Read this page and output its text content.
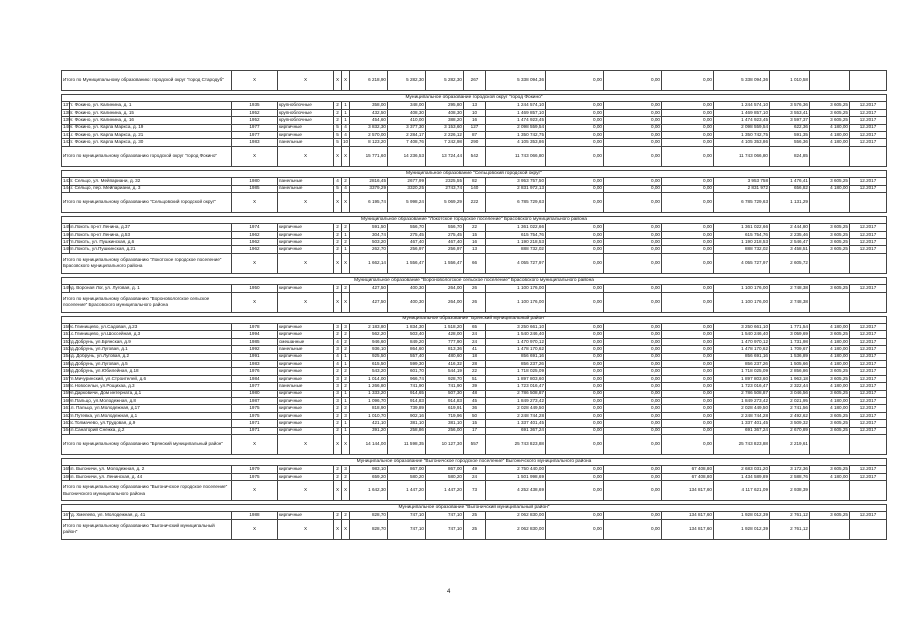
Итого по Муниципальному образованию: городской округ "город Стародуб"		X	X	X	X	6 218,90	5 282,30	5 282,30	267	5 338 094,36	0,00	0,00	0,00	5 338 094,36	1 010,58		

Муниципальное образование городской округ "город Фокино"																	
137	г. Фокино, ул. Калинина, д. 1	1935	крупноблочные	2	1	358,00	348,00	295,80	13	1 244 574,10	0,00	0,00	0,00	1 244 574,10	3 576,36	3 605,25	12.2017
138	г. Фокино, ул. Калинина, д. 15	1952	крупноблочные	2	1	432,50	408,30	408,30	10	1 469 857,10	0,00	0,00	0,00	1 469 857,10	3 553,41	3 605,25	12.2017
139	г. Фокино, ул. Калинина, д. 16	1952	крупноблочные	2	1	454,60	410,00	388,20	16	1 474 923,45	0,00	0,00	0,00	1 474 923,45	3 597,37	3 605,25	12.2017
140	г. Фокино, ул. Карла Маркса, д. 19	1977	кирпичные	5	4	3 832,30	3 377,30	3 153,60	127	2 098 559,54	0,00	0,00	0,00	2 098 559,54	622,36	4 180,00	12.2017
141	г. Фокино, ул. Карла Маркса, д. 21	1977	кирпичные	5	4	2 570,00	2 284,17	2 226,12	87	1 350 742,75	0,00	0,00	0,00	1 350 742,75	591,35	4 180,00	12.2017
142	г. Фокино, ул. Карла Маркса, д. 30	1983	панельные	5	10	8 123,20	7 408,76	7 242,98	290	4 105 353,86	0,00	0,00	0,00	4 105 353,86	556,36	4 180,00	12.2017
Итого по муниципальному образованию городской округ "город Фокино"		X	X	X	X	15 771,60	14 236,53	13 724,44	542	11 743 066,80	0,00	0,00	0,00	11 743 066,80	824,85		

Муниципальное образование "Сельцовский городской округ"																	
143	г. Сельцо, ул. Мейпариани, д. 32	1980	панельные	4	2	2816,45	2677,99	2325,55	82	3 953 757,50	0,00	0,00	0,00	3 953 758	1 476,41	3 605,25	12.2017
144	г. Сельцо, пер. Мейпариани, д. 3	1985	панельные	5	4	3379,29	3320,25	2743,74	140	2 831 972,13	0,00	0,00	0,00	2 831 972	656,82	4 180,00	12.2017
Итого по муниципальному образованию "Сельцовский городской округ"		X	X	X	X	6 195,74	5 998,24	5 069,29	222	6 785 729,63	0,00	0,00	0,00	6 785 729,63	1 131,29		

Муниципальное образование "Локотское городское поселение" Брасовского муниципального района																	
145	п.Локоть пр-кт Ленина, д.37	1974	кирпичные	2	2	591,50	556,70	556,70	22	1 361 022,66	0,00	0,00	0,00	1 361 022,66	2 444,80	3 605,25	12.2017
146	п.Локоть пр-кт Ленина, д.53	1962	кирпичные	2	1	304,74	275,45	275,45	15	615 754,76	0,00	0,00	0,00	615 754,76	2 235,46	3 605,25	12.2017
147	п.Локоть, ул. Пушкинская, д.6	1962	кирпичные	2	2	503,20	467,40	467,40	16	1 190 218,53	0,00	0,00	0,00	1 190 218,53	2 546,47	3 605,25	12.2017
148	п.Локоть, ул.Пушкинская, д.21	1962	кирпичные	2	1	262,70	256,97	256,97	13	888 732,02	0,00	0,00	0,00	888 732,02	3 458,51	3 605,25	12.2017
Итого по муниципальному образованию "Локотское городское поселение" Брасовского муниципального района		X	X	X	X	1 662,14	1 556,47	1 556,47	66	4 055 727,97	0,00	0,00	0,00	4 055 727,97	2 605,72		

Муниципальное образование "Вороновологское сельское поселение" Брасовского муниципального района																	
149	д. Вороная Лог, ул. Луговая, д. 1	1950	кирпичные	2	2	427,50	400,30	264,00	26	1 100 176,00	0,00	0,00	0,00	1 100 176,00	2 748,38	3 605,25	12.2017
Итого по муниципальному образованию "Вороновологское сельское поселение" Брасовского муниципального района		X	X	X	X	427,50	400,30	264,00	26	1 100 176,00	0,00	0,00	0,00	1 100 176,00	2 748,38		

Муниципальное образование "Брянский муниципальный район"																	
150	с.Глинищево, ул.Садовая, д.23	1978	кирпичные	3	3	2 183,80	1 834,30	1 518,20	65	3 250 661,10	0,00	0,00	0,00	3 250 661,10	1 771,54	4 180,00	12.2017
151	с.Глинищево, ул.Шоссейная, д.3	1994	кирпичные	2	2	562,20	503,40	428,00	24	1 540 246,40	0,00	0,00	0,00	1 540 246,40	3 059,69	3 605,25	12.2017
152	д.Добрунь, ул.Брянская, д.9	1985	смешанные	4	2	946,60	849,20	777,90	24	1 470 970,12	0,00	0,00	0,00	1 470 970,12	1 731,98	4 180,00	12.2017
153	д.Добрунь, ул.Луговая, д.1	1992	панельные	3	2	936,10	864,60	813,36	41	1 478 170,62	0,00	0,00	0,00	1 478 170,62	1 709,67	4 180,00	12.2017
154	д. Добрунь, ул.Луговая, д.2	1991	кирпичные	4	1	925,50	557,40	480,60	18	856 691,16	0,00	0,00	0,00	856 691,16	1 536,89	4 180,00	12.2017
155	д.Добрунь, ул.Луговая, д.5	1983	кирпичные	4	1	615,50	599,30	416,32	28	856 237,26	0,00	0,00	0,00	856 237,26	1 505,66	4 180,00	12.2017
156	д.Добрунь, ул.Юбилейная, д.18	1976	кирпичные	2	2	543,20	601,70	544,19	22	1 718 025,09	0,00	0,00	0,00	1 718 025,09	2 856,86	3 605,25	12.2017
157	п.Мичуринский, ул.Строителей, д.6	1984	кирпичные	3	2	1 014,00	966,74	928,70	51	1 897 803,60	0,00	0,00	0,00	1 897 803,60	1 963,18	3 605,25	12.2017
158	с.Новосельи, ул.Рощихаа, д.3	1977	панельные	3	2	1 266,80	741,90	741,90	39	1 723 016,47	0,00	0,00	0,00	1 723 016,47	2 322,44	4 180,00	12.2017
159	п.Дарковичи, Дом интерната, д.1	1980	кирпичные	3	1	1 333,20	914,65	507,30	48	2 786 508,87	0,00	0,00	0,00	2 786 508,87	3 046,56	3 605,25	12.2017
160	п.Пальцо, ул.Молодежная, д.8	1987	кирпичные	3	1	1 096,70	914,83	914,83	45	1 849 273,42	0,00	0,00	0,00	1 849 273,42	2 021,95	4 180,00	12.2017
161	п. Пальцо, ул.Молодежная, д.17	1975	кирпичные	2	2	818,90	739,89	619,91	36	2 028 449,50	0,00	0,00	0,00	2 028 449,50	2 741,56	4 180,00	12.2017
162	п.Путевка, ул.Молодежная, д.1	1975	кирпичные	2	3	1 010,70	902,16	719,96	50	2 248 744,28	0,00	0,00	0,00	2 248 744,28	2 492,62	3 605,25	12.2017
163	с.Толмачево, ул.Трудовая, д.9	1971	кирпичные	2	1	421,10	381,10	381,10	15	1 337 401,45	0,00	0,00	0,00	1 337 401,45	3 509,32	3 605,25	12.2017
164	п.Санаторий Снежка, д.2	1971	кирпичные	2	1	391,20	258,86	256,00	17	691 367,24	0,00	0,00	0,00	691 367,24	2 670,89	3 605,25	12.2017
Итого по муниципальному образованию "Брянский муниципальный район"		X	X	X	X	14 144,00	11 598,35	10 127,30	557	25 743 823,88	0,00	0,00	0,00	25 743 823,88	2 219,61		

Муниципальное образование "Выгоничское городское поселение" Выгоничского муниципального района																	
165	п. Выгоничи, ул. Молодежная, д. 2	1979	кирпичные	2	3	983,10	867,00	867,00	49	2 750 440,00	0,00	0,00	67 408,80	2 683 031,20	3 172,36	3 605,25	12.2017
166	п. Выгоничи, ул. Ленинская, д. 44	1975	кирпичные	2	2	659,20	580,20	580,20	24	1 501 998,69	0,00	0,00	67 408,80	1 434 589,89	2 588,76	4 180,00	12.2017
Итого по муниципальному образованию "Выгоничское городское поселение" Выгоничского муниципального района		X	X	X	X	1 642,30	1 447,20	1 447,20	73	4 252 438,69	0,00	0,00	134 817,60	4 117 621,09	2 938,39		

Муниципальное образование "Выгоничский муниципальный район"																	
167	д. Хмелево, ул. Молодежная, д. 41	1988	кирпичные	2	2	828,70	747,10	747,10	25	2 062 830,00	0,00	0,00	134 817,60	1 928 012,39	2 761,12	3 605,25	12.2017
Итого по муниципальному образованию "Выгоничский муниципальный район"		X	X	X	X	828,70	747,10	747,10	25	2 062 830,00	0,00	0,00	134 817,60	1 928 012,39	2 761,12		
4
